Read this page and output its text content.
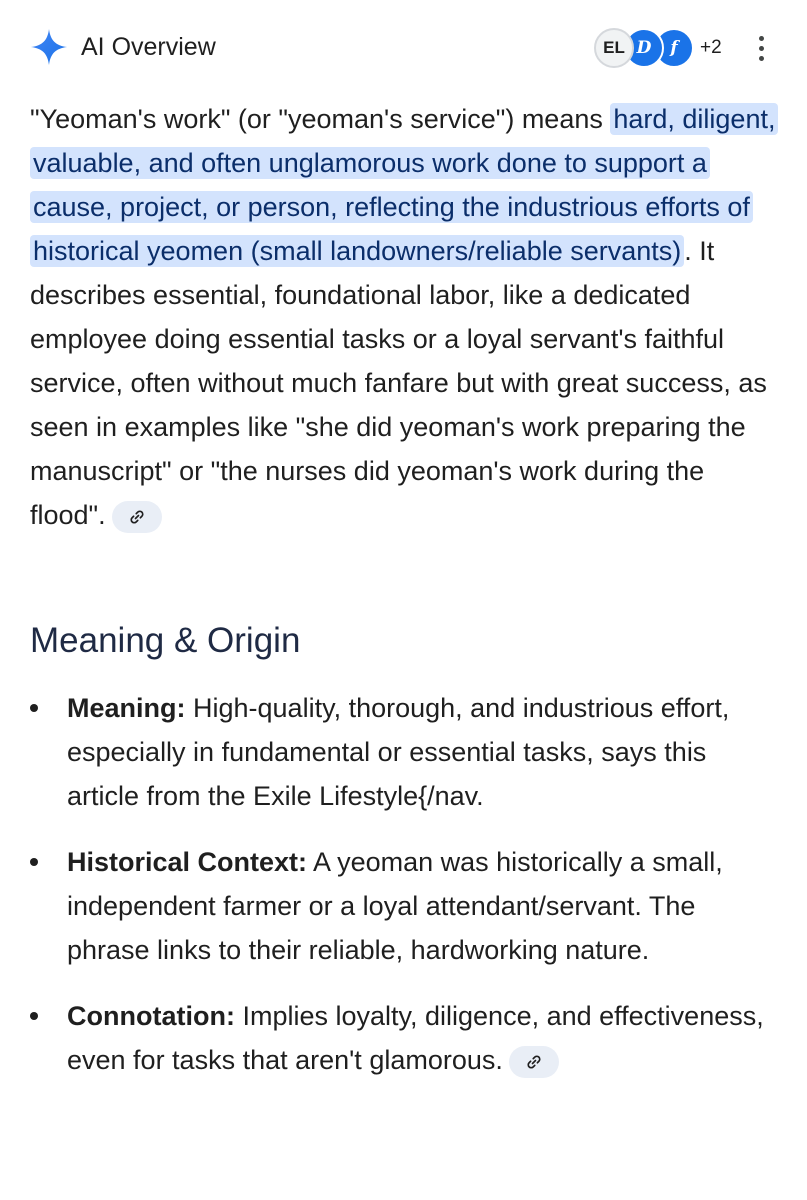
AI Overview	EL D	f	+2
"Yeoman's work" (or "yeoman's service") means hard, diligent, valuable, and often unglamorous work done to support a cause, project, or person, reflecting the industrious efforts of historical yeomen (small landowners/reliable servants) . It describes essential, foundational labor, like a dedicated employee doing essential tasks or a loyal servant's faithful service, often without much fanfare but with great success, as seen in examples like "she did yeoman's work preparing the manuscript" or "the nurses did yeoman's work during the flood".
Meaning & Origin
Meaning: High-quality, thorough, and industrious effort, especially in fundamental or essential tasks, says this article from the Exile Lifestyle{/nav.
Historical Context: A yeoman was historically a small, independent farmer or a loyal attendant/servant. The phrase links to their reliable, hardworking nature.
Connotation: Implies loyalty, diligence, and effectiveness, even for tasks that aren't glamorous.
